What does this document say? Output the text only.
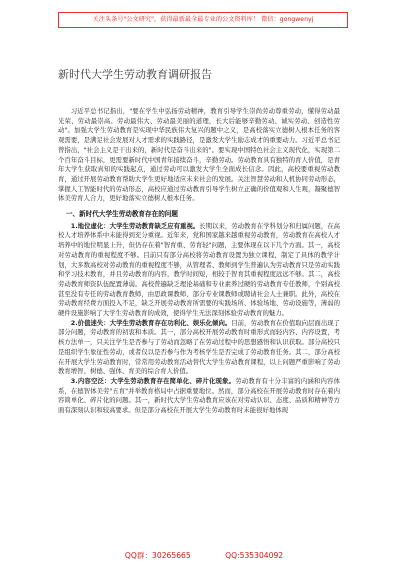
关注头条号"公文研究"，获得最新最全最专业的公文资料库！ 微信：gongwenyj
新时代大学生劳动教育调研报告

习近平总书记指出，"要在学生中弘扬劳动精神，教育引导学生崇尚劳动尊重劳动，懂得劳动最光荣、劳动最崇高、劳动最伟大、劳动最美丽的道理，长大后能够辛勤劳动、诚实劳动、创造性劳动"。加强大学生劳动教育是实现中华民族伟大复兴的题中之义，是高校落实立德树人根本任务的客观需要，是满足社会发展对人才需求的实践路径，是激发大学生励志成才的重要动力。习近平总书记曾指出，"社会主义是干出来的，新时代是奋斗出来的"。要实现中国特色社会主义现代化，实现第二个百年奋斗目标，更需要新时代中国青年接续奋斗，辛勤劳动。劳动教育具有独特的育人价值，是青年大学生获取真知的实践起点，通过劳动可以激发大学生全面成长信念。因此，高校要重视劳动教育，通过开展劳动教育帮助大学生更好地适应未来社会的发展。关注智慧劳动和人机协同劳动形态，掌握人工智能时代的劳动形态，高校应通过劳动教育引导学生树立正确的价值观和人生观，凝聚德智体美劳育人合力，更好地落实立德树人根本任务。

一、新时代大学生劳动教育存在的问题

1.地位虚化：大学生劳动教育缺乏应有重视。长期以来，劳动教育在学科划分和归属问题，在高校人才培养体系中未能得到充分重视。近年来，党和国家越来越重视劳动教育，劳动教育在高校人才培养中的地位明显上升，但仍存在着"智育重、劳育轻"问题，主要体现在以下几个方面。其一，高校对劳动教育的重视程度不够。目前只有部分高校将劳动教育设置为独立课程，制定了具体的教学计划，大多数高校对劳动教育的重视程度不够，从管理者、教师到学生普遍认为劳动教育只是劳动实践和学习技术教育，并且劳动教育的内容，教学时间短，相较于智育其重视程度远远不够。其二，高校劳动教育师资队伍配置薄弱。高校普遍缺乏理论基础和专业素养过硬的劳动教育专任教师，个别高校甚至没有专任的劳动教育教师，由思政课教师、部分专业课教师或聘请社会人士兼职。此外，高校在劳动教育经费方面投入不足，缺乏开展劳动教育所需要的实践场所、体验场地、劳动设施等，薄弱的硬件设施影响了大学生劳动教育的成效，使得学生无法深刻体验劳动教育的魅力。

2.价值迷失：大学生劳动教育存在功利化、娱乐化倾向。目前，劳动教育在价值取向层面出现了部分问题，劳动教育的初衷和本质。其一，部分高校开展劳动教育时重形式而轻内容、内容设置，考核方法单一，只关注学生是否参与了劳动而忽略了在劳动过程中的思想感悟和认识获取。部分高校只是组织学生象征性劳动，或者仅以是否参与作为考核学生是否完成了劳动教育任务。其二，部分高校在开展大学生劳动教育时，常常用劳动教育活动替代大学生劳动教育课程，以上问题严重影响了劳动教育增智、树德、强体、育美的综合育人价值。

3.内容空泛：大学生劳动教育存在简单化、碎片化现象。劳动教育有十分丰富的内涵和内容体系，在德智体美劳"五育"并举教育格局中占据重要地位。然而，部分高校在开展劳动教育时存在着内容简单化、碎片化的问题。其一，新时代大学生劳动教育应该在对劳动认识、态度、品质和精神等方面有深刻认识和较高要求。但是部分高校在开展大学生劳动教育时未能很好地体现

QQ群：30265665	QQ:535304092
